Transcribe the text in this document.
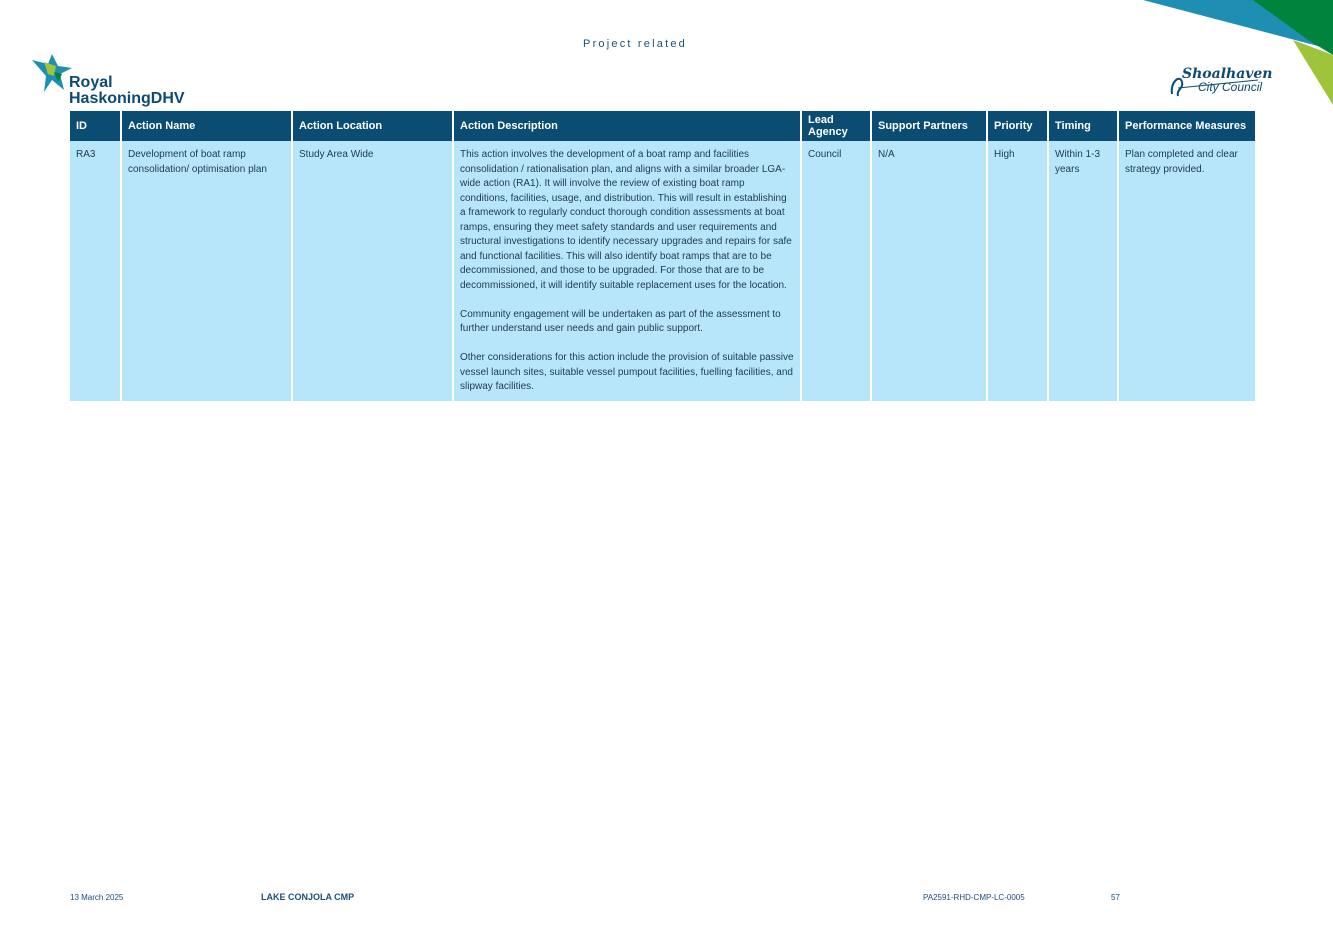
Project related
Royal
HaskoningDHV
Shoalhaven
City Council
ID	Action Name	Action Location	Action Description	Lead Agency	Support Partners	Priority	Timing	Performance Measures
RA3	Development of boat ramp consolidation/ optimisation plan	Study Area Wide	This action involves the development of a boat ramp and facilities consolidation / rationalisation plan, and aligns with a similar broader LGA-wide action (RA1). It will involve the review of existing boat ramp conditions, facilities, usage, and distribution. This will result in establishing a framework to regularly conduct thorough condition assessments at boat ramps, ensuring they meet safety standards and user requirements and structural investigations to identify necessary upgrades and repairs for safe and functional facilities. This will also identify boat ramps that are to be decommissioned, and those to be upgraded. For those that are to be decommissioned, it will identify suitable replacement uses for the location.

Community engagement will be undertaken as part of the assessment to further understand user needs and gain public support.

Other considerations for this action include the provision of suitable passive vessel launch sites, suitable vessel pumpout facilities, fuelling facilities, and slipway facilities.	Council	N/A	High	Within 1-3 years	Plan completed and clear strategy provided.
13 March 2025	LAKE CONJOLA CMP	PA2591-RHD-CMP-LC-0005	57
